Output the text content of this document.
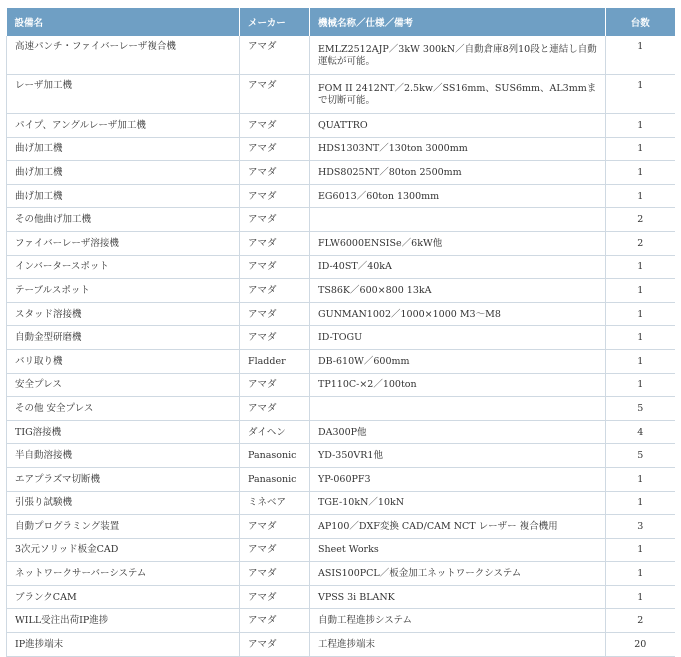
設備名	メーカー	機械名称／仕様／備考	台数
高速パンチ・ファイバーレーザ複合機	アマダ	EMLZ2512AJP／3kW 300kN／自動倉庫8列10段と連結し自動運転が可能。	1
レーザ加工機	アマダ	FOM II 2412NT／2.5kw／SS16mm、SUS6mm、AL3mmまで切断可能。	1
パイプ、アングルレーザ加工機	アマダ	QUATTRO	1
曲げ加工機	アマダ	HDS1303NT／130ton 3000mm	1
曲げ加工機	アマダ	HDS8025NT／80ton 2500mm	1
曲げ加工機	アマダ	EG6013／60ton 1300mm	1
その他曲げ加工機	アマダ		2
ファイバーレーザ溶接機	アマダ	FLW6000ENSISe／6kW他	2
インバータースポット	アマダ	ID-40ST／40kA	1
テーブルスポット	アマダ	TS86K／600×800 13kA	1
スタッド溶接機	アマダ	GUNMAN1002／1000×1000 M3～M8	1
自動金型研磨機	アマダ	ID-TOGU	1
バリ取り機	Fladder	DB-610W／600mm	1
安全プレス	アマダ	TP110C-×2／100ton	1
その他 安全プレス	アマダ		5
TIG溶接機	ダイヘン	DA300P他	4
半自動溶接機	Panasonic	YD-350VR1他	5
エアプラズマ切断機	Panasonic	YP-060PF3	1
引張り試験機	ミネベア	TGE-10kN／10kN	1
自動プログラミング装置	アマダ	AP100／DXF変換 CAD/CAM NCT レーザー 複合機用	3
3次元ソリッド板金CAD	アマダ	Sheet Works	1
ネットワークサーバーシステム	アマダ	ASIS100PCL／板金加工ネットワークシステム	1
ブランクCAM	アマダ	VPSS 3i BLANK	1
WILL受注出荷IP進捗	アマダ	自動工程進捗システム	2
IP進捗端末	アマダ	工程進捗端末	20
